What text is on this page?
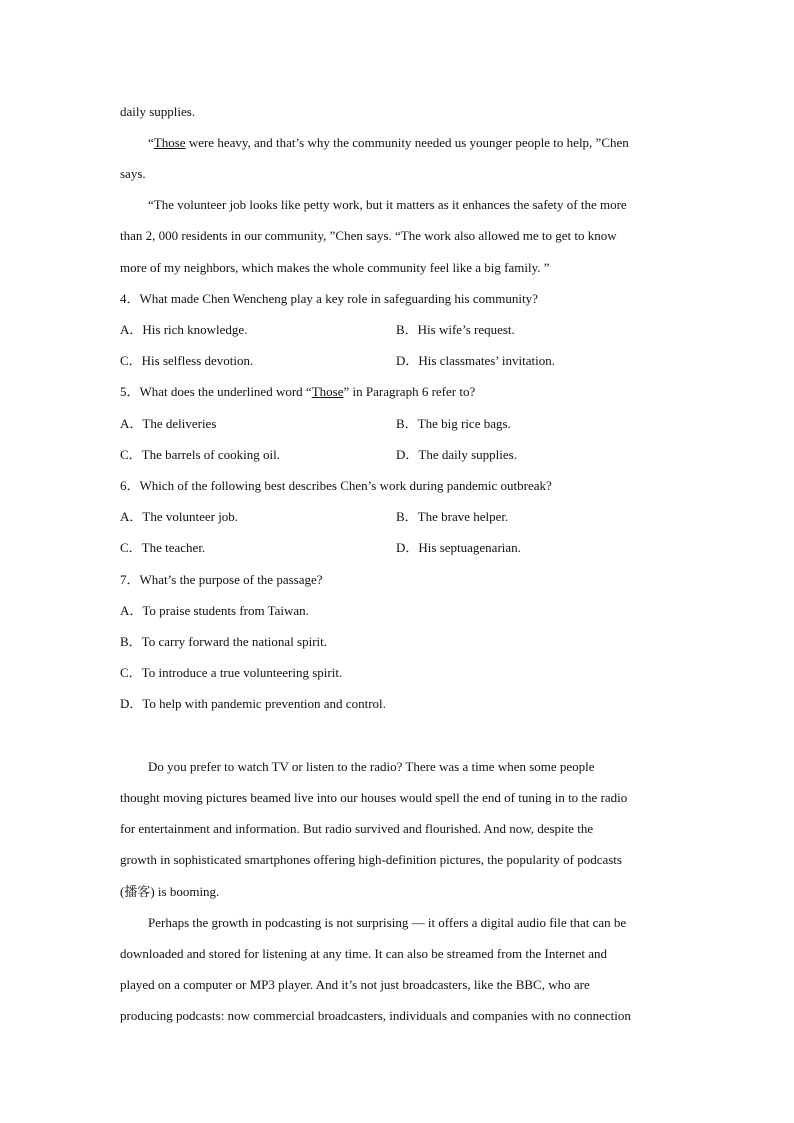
daily supplies.
“Those were heavy, and that’s why the community needed us younger people to help, ”Chen
says.
“The volunteer job looks like petty work, but it matters as it enhances the safety of the more
than 2, 000 residents in our community, ”Chen says. “The work also allowed me to get to know
more of my neighbors, which makes the whole community feel like a big family. ”
4．What made Chen Wencheng play a key role in safeguarding his community?
A．His rich knowledge.	B．His wife’s request.
C．His selfless devotion.	D．His classmates’ invitation.
5．What does the underlined word “Those” in Paragraph 6 refer to?
A．The deliveries	B．The big rice bags.
C．The barrels of cooking oil.	D．The daily supplies.
6．Which of the following best describes Chen’s work during pandemic outbreak?
A．The volunteer job.	B．The brave helper.
C．The teacher.	D．His septuagenarian.
7．What’s the purpose of the passage?
A．To praise students from Taiwan.
B．To carry forward the national spirit.
C．To introduce a true volunteering spirit.
D．To help with pandemic prevention and control.
Do you prefer to watch TV or listen to the radio? There was a time when some people
thought moving pictures beamed live into our houses would spell the end of tuning in to the radio
for entertainment and information. But radio survived and flourished. And now, despite the
growth in sophisticated smartphones offering high-definition pictures, the popularity of podcasts
(播客) is booming.
Perhaps the growth in podcasting is not surprising — it offers a digital audio file that can be
downloaded and stored for listening at any time. It can also be streamed from the Internet and
played on a computer or MP3 player. And it’s not just broadcasters, like the BBC, who are
producing podcasts: now commercial broadcasters, individuals and companies with no connection
